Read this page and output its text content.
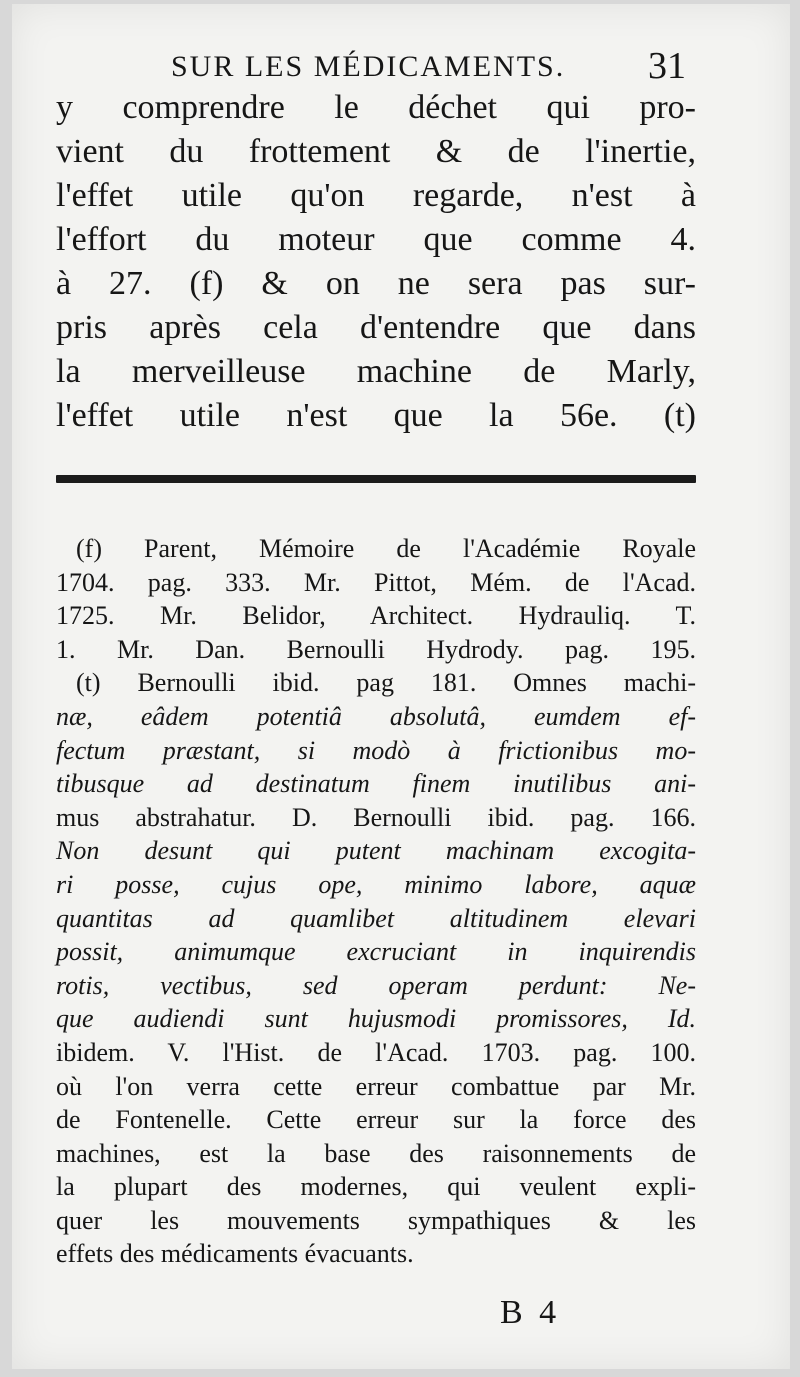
SUR LES MÉDICAMENTS. 31
y comprendre le déchet qui pro-
vient du frottement & de l'inertie,
l'effet utile qu'on regarde, n'est à
l'effort du moteur que comme 4.
à 27. (f) & on ne sera pas sur-
pris après cela d'entendre que dans
la merveilleuse machine de Marly,
l'effet utile n'est que la 56e. (t)
(f) Parent, Mémoire de l'Académie Royale
1704. pag. 333. Mr. Pittot, Mém. de l'Acad.
1725. Mr. Belidor, Architect. Hydrauliq. T.
1. Mr. Dan. Bernoulli Hydrody. pag. 195.
(t) Bernoulli ibid. pag 181. Omnes machi-
næ, eâdem potentiâ absolutâ, eumdem ef-
fectum præstant, si modò à frictionibus mo-
tibusque ad destinatum finem inutilibus ani-
mus abstrahatur. D. Bernoulli ibid. pag. 166.
Non desunt qui putent machinam excogita-
ri posse, cujus ope, minimo labore, aquæ
quantitas ad quamlibet altitudinem elevari
possit, animumque excruciant in inquirendis
rotis, vectibus, sed operam perdunt: Ne-
que audiendi sunt hujusmodi promissores, Id.
ibidem. V. l'Hist. de l'Acad. 1703. pag. 100.
où l'on verra cette erreur combattue par Mr.
de Fontenelle. Cette erreur sur la force des
machines, est la base des raisonnements de
la plupart des modernes, qui veulent expli-
quer les mouvements sympathiques & les
effets des médicaments évacuants.
B 4
